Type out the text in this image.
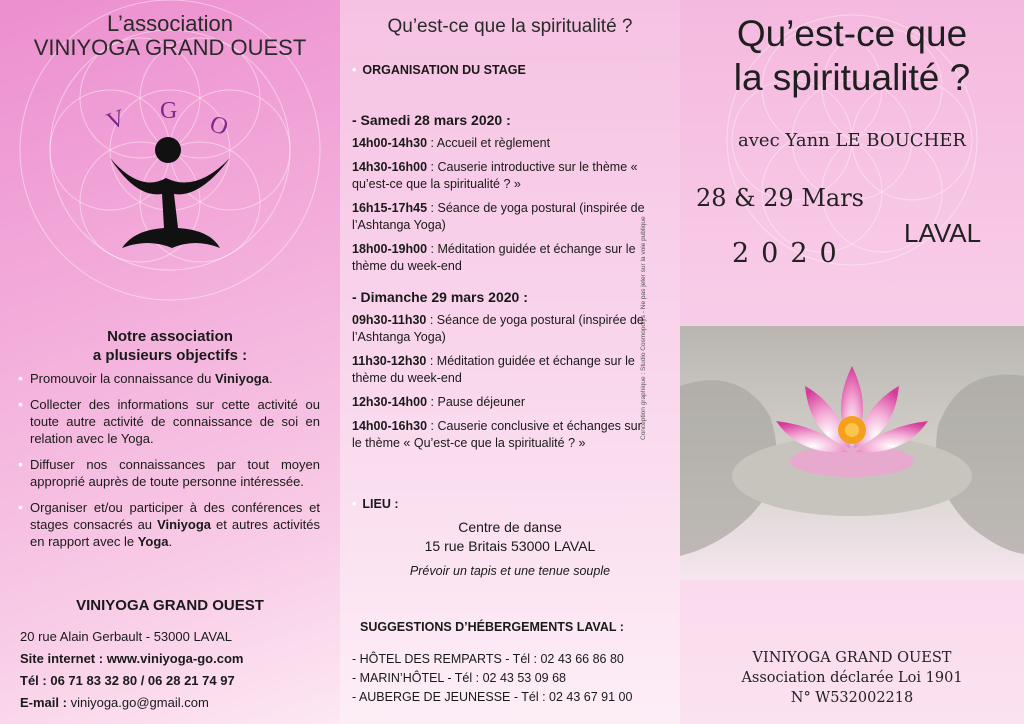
L’association
VINIYOGA GRAND OUEST
V G O
Notre association
a plusieurs objectifs :
• Promouvoir la connaissance du Viniyoga.
• Collecter des informations sur cette activité ou toute autre activité de connaissance de soi en relation avec le Yoga.
• Diffuser nos connaissances par tout moyen approprié auprès de toute personne intéressée.
• Organiser et/ou participer à des conférences et stages consacrés au Viniyoga et autres activités en rapport avec le Yoga.
VINIYOGA GRAND OUEST
20 rue Alain Gerbault - 53000 LAVAL
Site internet : www.viniyoga-go.com
Tél : 06 71 83 32 80 / 06 28 21 74 97
E-mail : viniyoga.go@gmail.com
Qu’est-ce que la spiritualité ?
• ORGANISATION DU STAGE

- Samedi 28 mars 2020 :

14h00-14h30 : Accueil et règlement

14h30-16h00 : Causerie introductive sur le thème « qu’est-ce que la spiritualité ? »

16h15-17h45 : Séance de yoga postural (inspirée de l’Ashtanga Yoga)

18h00-19h00 : Méditation guidée et échange sur le thème du week-end

- Dimanche 29 mars 2020 :

09h30-11h30 : Séance de yoga postural (inspirée de l’Ashtanga Yoga)

11h30-12h30 : Méditation guidée et échange sur le thème du week-end

12h30-14h00 : Pause déjeuner

14h00-16h30 : Causerie conclusive et échanges sur le thème « Qu’est-ce que la spiritualité ? »

• LIEU :
Centre de danse
15 rue Britais 53000 LAVAL
Prévoir un tapis et une tenue souple
SUGGESTIONS D’HÉBERGEMENTS LAVAL :
- HÔTEL DES REMPARTS - Tél : 02 43 66 86 80
- MARIN’HÔTEL - Tél : 02 43 53 09 68
- AUBERGE DE JEUNESSE - Tél : 02 43 67 91 00
Conception graphique : Studio Cosmopolys - Ne pas jeter sur la voie publique
Qu’est-ce que
la spiritualité ?
avec Yann LE BOUCHER
28 & 29 Mars
2020
LAVAL
VINIYOGA GRAND OUEST
Association déclarée Loi 1901
N° W532002218
